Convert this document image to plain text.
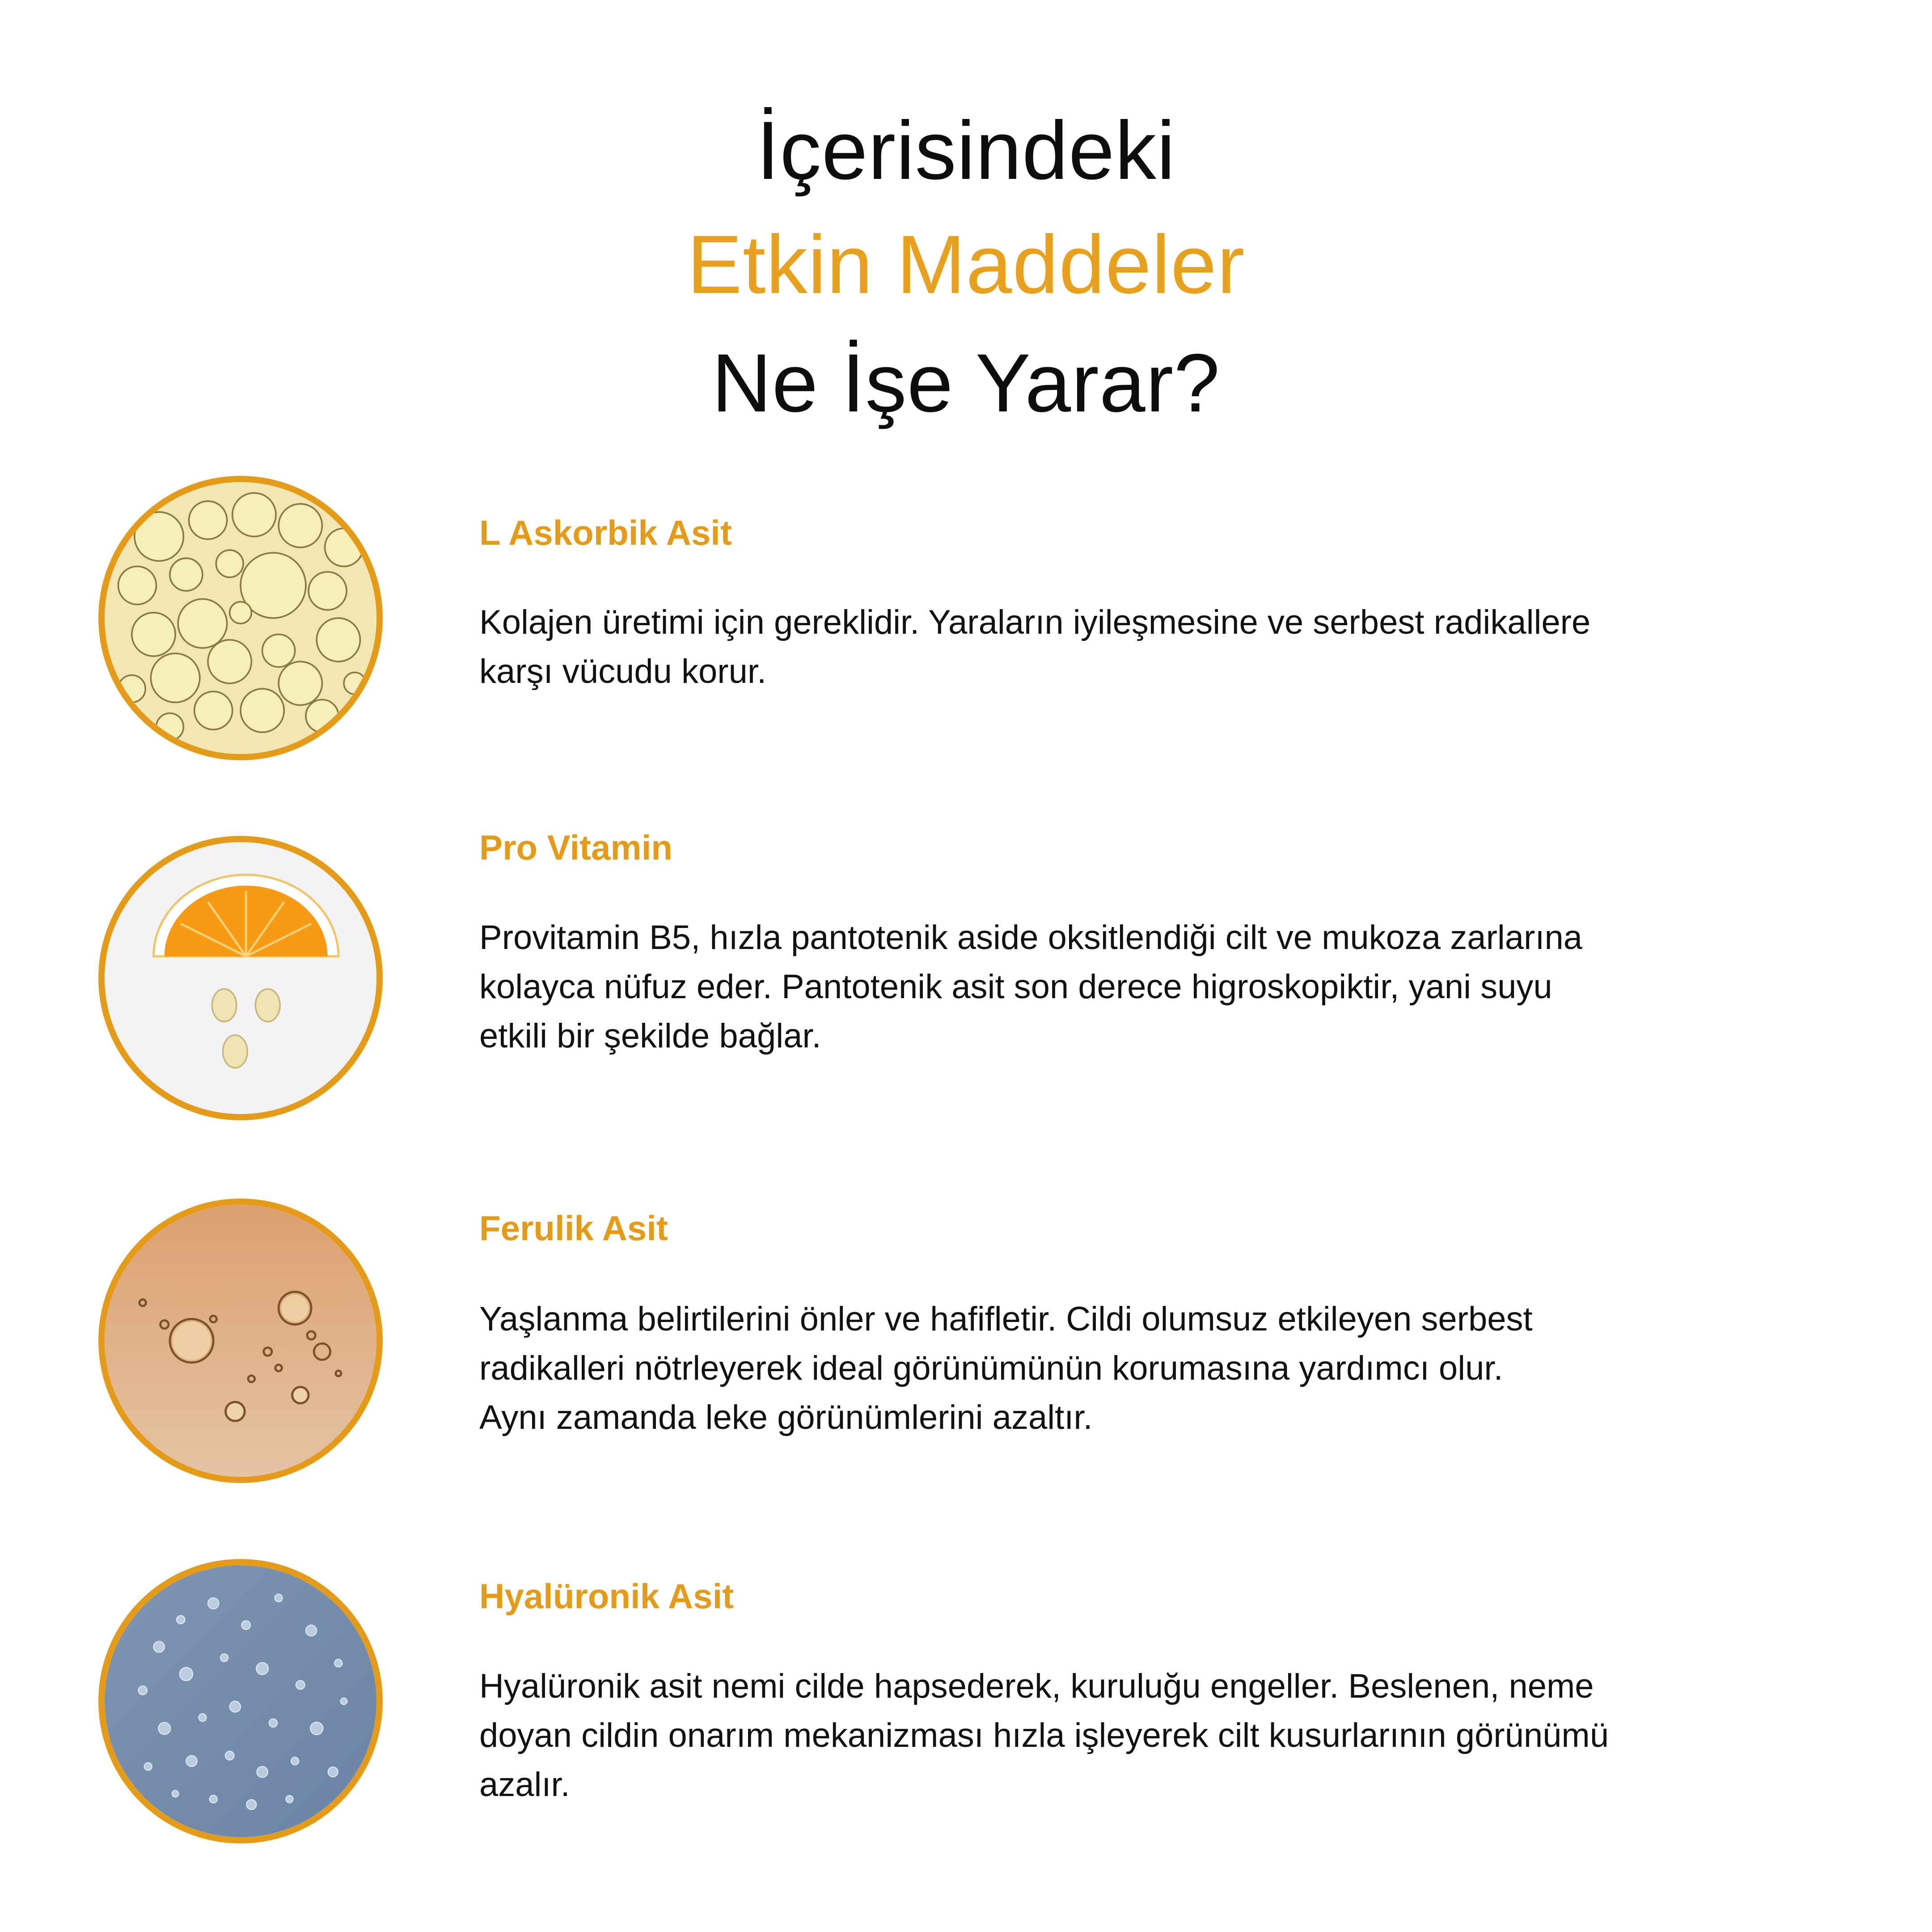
İçerisindeki
Etkin Maddeler
Ne İşe Yarar?
L Askorbik Asit
Kolajen üretimi için gereklidir. Yaraların iyileşmesine ve serbest radikallere
karşı vücudu korur.
Pro Vitamin
Provitamin B5, hızla pantotenik aside oksitlendiği cilt ve mukoza zarlarına
kolayca nüfuz eder. Pantotenik asit son derece higroskopiktir, yani suyu
etkili bir şekilde bağlar.
Ferulik Asit
Yaşlanma belirtilerini önler ve hafifletir. Cildi olumsuz etkileyen serbest
radikalleri nötrleyerek ideal görünümünün korumasına yardımcı olur.
Aynı zamanda leke görünümlerini azaltır.
Hyalüronik Asit
Hyalüronik asit nemi cilde hapsederek, kuruluğu engeller. Beslenen, neme
doyan cildin onarım mekanizması hızla işleyerek cilt kusurlarının görünümü
azalır.
